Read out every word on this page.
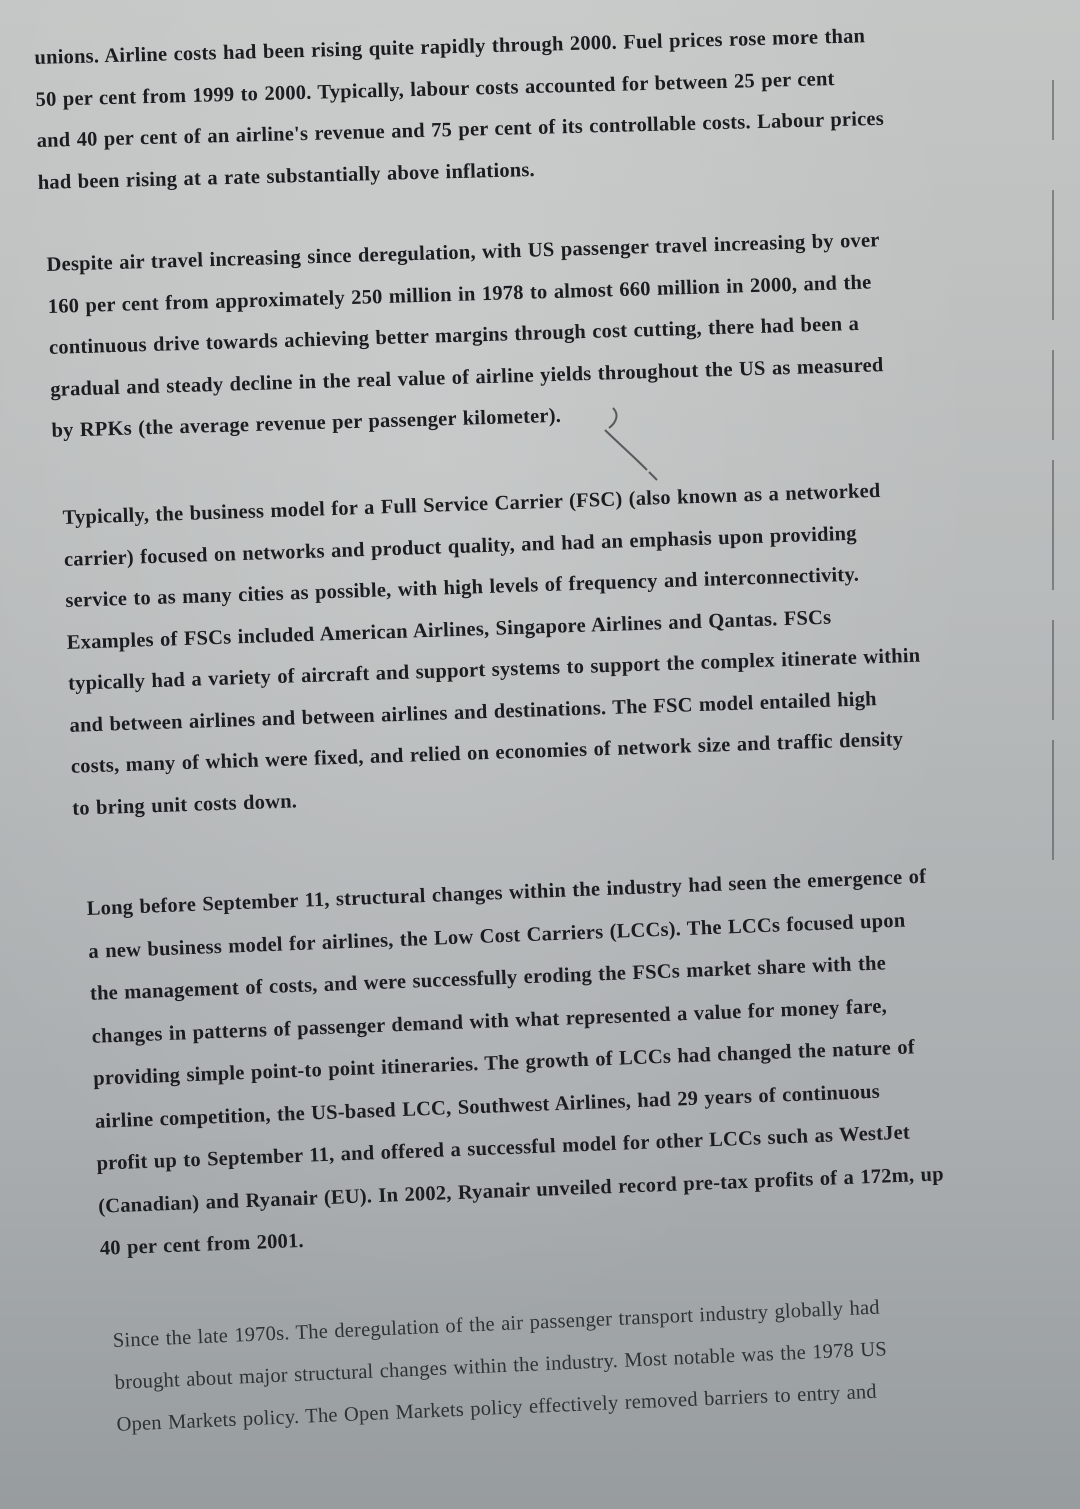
unions. Airline costs had been rising quite rapidly through 2000. Fuel prices rose more than
50 per cent from 1999 to 2000. Typically, labour costs accounted for between 25 per cent
and 40 per cent of an airline's revenue and 75 per cent of its controllable costs. Labour prices
had been rising at a rate substantially above inflations.
Despite air travel increasing since deregulation, with US passenger travel increasing by over
160 per cent from approximately 250 million in 1978 to almost 660 million in 2000, and the
continuous drive towards achieving better margins through cost cutting, there had been a
gradual and steady decline in the real value of airline yields throughout the US as measured
by RPKs (the average revenue per passenger kilometer).
Typically, the business model for a Full Service Carrier (FSC) (also known as a networked
carrier) focused on networks and product quality, and had an emphasis upon providing
service to as many cities as possible, with high levels of frequency and interconnectivity.
Examples of FSCs included American Airlines, Singapore Airlines and Qantas. FSCs
typically had a variety of aircraft and support systems to support the complex itinerate within
and between airlines and between airlines and destinations. The FSC model entailed high
costs, many of which were fixed, and relied on economies of network size and traffic density
to bring unit costs down.
Long before September 11, structural changes within the industry had seen the emergence of
a new business model for airlines, the Low Cost Carriers (LCCs). The LCCs focused upon
the management of costs, and were successfully eroding the FSCs market share with the
changes in patterns of passenger demand with what represented a value for money fare,
providing simple point-to point itineraries. The growth of LCCs had changed the nature of
airline competition, the US-based LCC, Southwest Airlines, had 29 years of continuous
profit up to September 11, and offered a successful model for other LCCs such as WestJet
(Canadian) and Ryanair (EU). In 2002, Ryanair unveiled record pre-tax profits of a 172m, up
40 per cent from 2001.
Since the late 1970s. The deregulation of the air passenger transport industry globally had
brought about major structural changes within the industry. Most notable was the 1978 US
Open Markets policy. The Open Markets policy effectively removed barriers to entry and
